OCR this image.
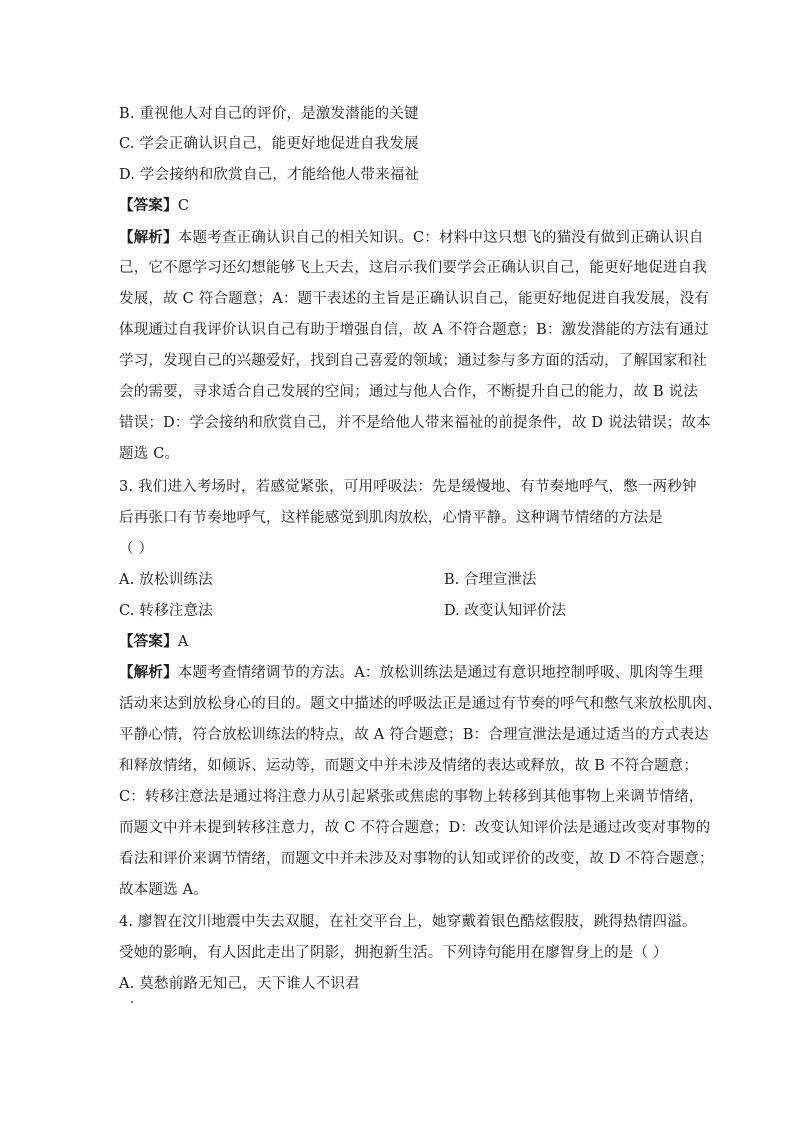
B. 重视他人对自己的评价，是激发潜能的关键
C. 学会正确认识自己，能更好地促进自我发展
D. 学会接纳和欣赏自己，才能给他人带来福祉
【答案】C
【解析】本题考查正确认识自己的相关知识。C：材料中这只想飞的猫没有做到正确认识自
己，它不愿学习还幻想能够飞上天去，这启示我们要学会正确认识自己，能更好地促进自我
发展，故 C 符合题意；A：题干表述的主旨是正确认识自己，能更好地促进自我发展，没有
体现通过自我评价认识自己有助于增强自信，故 A 不符合题意；B：激发潜能的方法有通过
学习，发现自己的兴趣爱好，找到自己喜爱的领域；通过参与多方面的活动，了解国家和社
会的需要，寻求适合自己发展的空间；通过与他人合作，不断提升自己的能力，故 B 说法
错误；D：学会接纳和欣赏自己，并不是给他人带来福祉的前提条件，故 D 说法错误；故本
题选 C。
3. 我们进入考场时，若感觉紧张，可用呼吸法：先是缓慢地、有节奏地呼气，憋一两秒钟
后再张口有节奏地呼气，这样能感觉到肌肉放松，心情平静。这种调节情绪的方法是
（ ）
A. 放松训练法	B. 合理宣泄法
C. 转移注意法	D. 改变认知评价法
【答案】A
【解析】本题考查情绪调节的方法。A：放松训练法是通过有意识地控制呼吸、肌肉等生理
活动来达到放松身心的目的。题文中描述的呼吸法正是通过有节奏的呼气和憋气来放松肌肉、
平静心情，符合放松训练法的特点，故 A 符合题意；B：合理宣泄法是通过适当的方式表达
和释放情绪，如倾诉、运动等，而题文中并未涉及情绪的表达或释放，故 B 不符合题意；
C：转移注意法是通过将注意力从引起紧张或焦虑的事物上转移到其他事物上来调节情绪，
而题文中并未提到转移注意力，故 C 不符合题意；D：改变认知评价法是通过改变对事物的
看法和评价来调节情绪，而题文中并未涉及对事物的认知或评价的改变，故 D 不符合题意；
故本题选 A。
4. 廖智在汶川地震中失去双腿，在社交平台上，她穿戴着银色酷炫假肢，跳得热情四溢。
受她的影响，有人因此走出了阴影，拥抱新生活。下列诗句能用在廖智身上的是（ ）
A. 莫愁前路无知己，天下谁人不识君
